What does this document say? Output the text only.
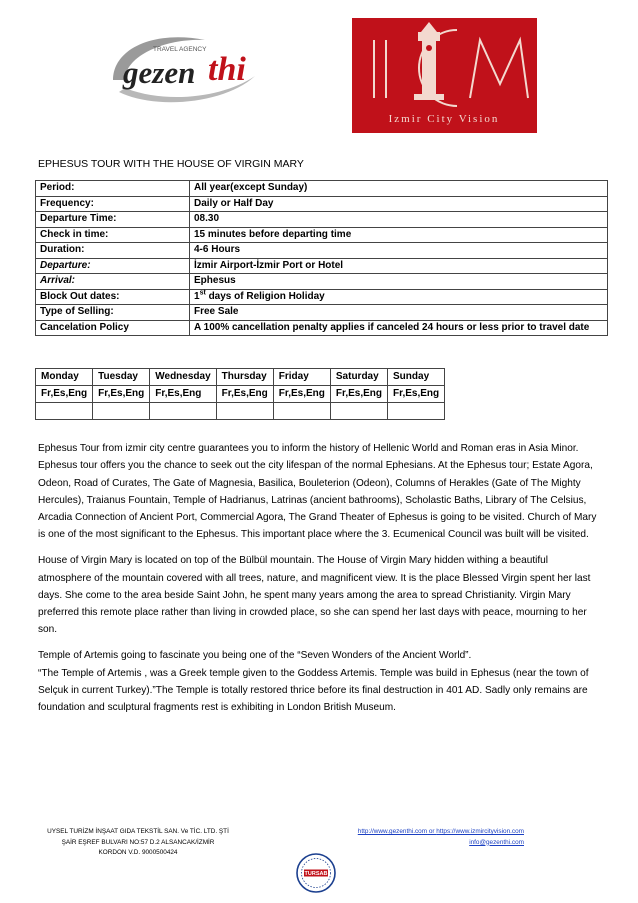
TRAVEL AGENCY
gezen thi
Izmir City Vision
EPHESUS TOUR WITH THE HOUSE OF VIRGIN MARY
Period:	All year(except Sunday)
Frequency:	Daily or Half Day
Departure Time:	08.30
Check in time:	15 minutes before departing time
Duration:	4-6 Hours
Departure:	İzmir Airport-İzmir Port or Hotel
Arrival:	Ephesus
Block Out dates:	1st days of Religion Holiday
Type of Selling:	Free Sale
Cancelation Policy	A 100% cancellation penalty applies if canceled 24 hours or less prior to travel date
Monday	Tuesday	Wednesday	Thursday	Friday	Saturday	Sunday
Fr,Es,Eng	Fr,Es,Eng	Fr,Es,Eng	Fr,Es,Eng	Fr,Es,Eng	Fr,Es,Eng	Fr,Es,Eng

Ephesus Tour from izmir city centre guarantees you to inform the history of Hellenic World and Roman eras in Asia Minor. Ephesus tour offers you the chance to seek out the city lifespan of the normal Ephesians. At the Ephesus tour; Estate Agora, Odeon, Road of Curates, The Gate of Magnesia, Basilica, Bouleterion (Odeon), Columns of Herakles (Gate of The Mighty Hercules), Traianus Fountain, Temple of Hadrianus, Latrinas (ancient bathrooms), Scholastic Baths, Library of The Celsius, Arcadia Connection of Ancient Port, Commercial Agora, The Grand Theater of Ephesus is going to be visited. Church of Mary is one of the most significant to the Ephesus. This important place where the 3. Ecumenical Council was built will be visited.

House of Virgin Mary is located on top of the Bülbül mountain. The House of Virgin Mary hidden withing a beautiful atmosphere of the mountain covered with all trees, nature, and magnificent view. It is the place Blessed Virgin spent her last days. She come to the area beside Saint John, he spent many years among the area to spread Christianity. Virgin Mary preferred this remote place rather than living in crowded place, so she can spend her last days with peace, mourning to her son.

Temple of Artemis going to fascinate you being one of the “Seven Wonders of the Ancient World”.
“The Temple of Artemis , was a Greek temple given to the Goddess Artemis. Temple was build in Ephesus (near the town of Selçuk in current Turkey).”The Temple is totally restored thrice before its final destruction in 401 AD. Sadly only remains are foundation and sculptural fragments rest is exhibiting in London British Museum.

UYSEL TURİZM İNŞAAT GIDA TEKSTİL SAN. Ve TİC. LTD. ŞTİ
ŞAİR EŞREF BULVARI NO:57 D.2 ALSANCAK/İZMİR
KORDON V.D. 9000500424
http://www.gezenthi.com or https://www.izmircityvision.com
info@gezenthi.com
TURSAB
